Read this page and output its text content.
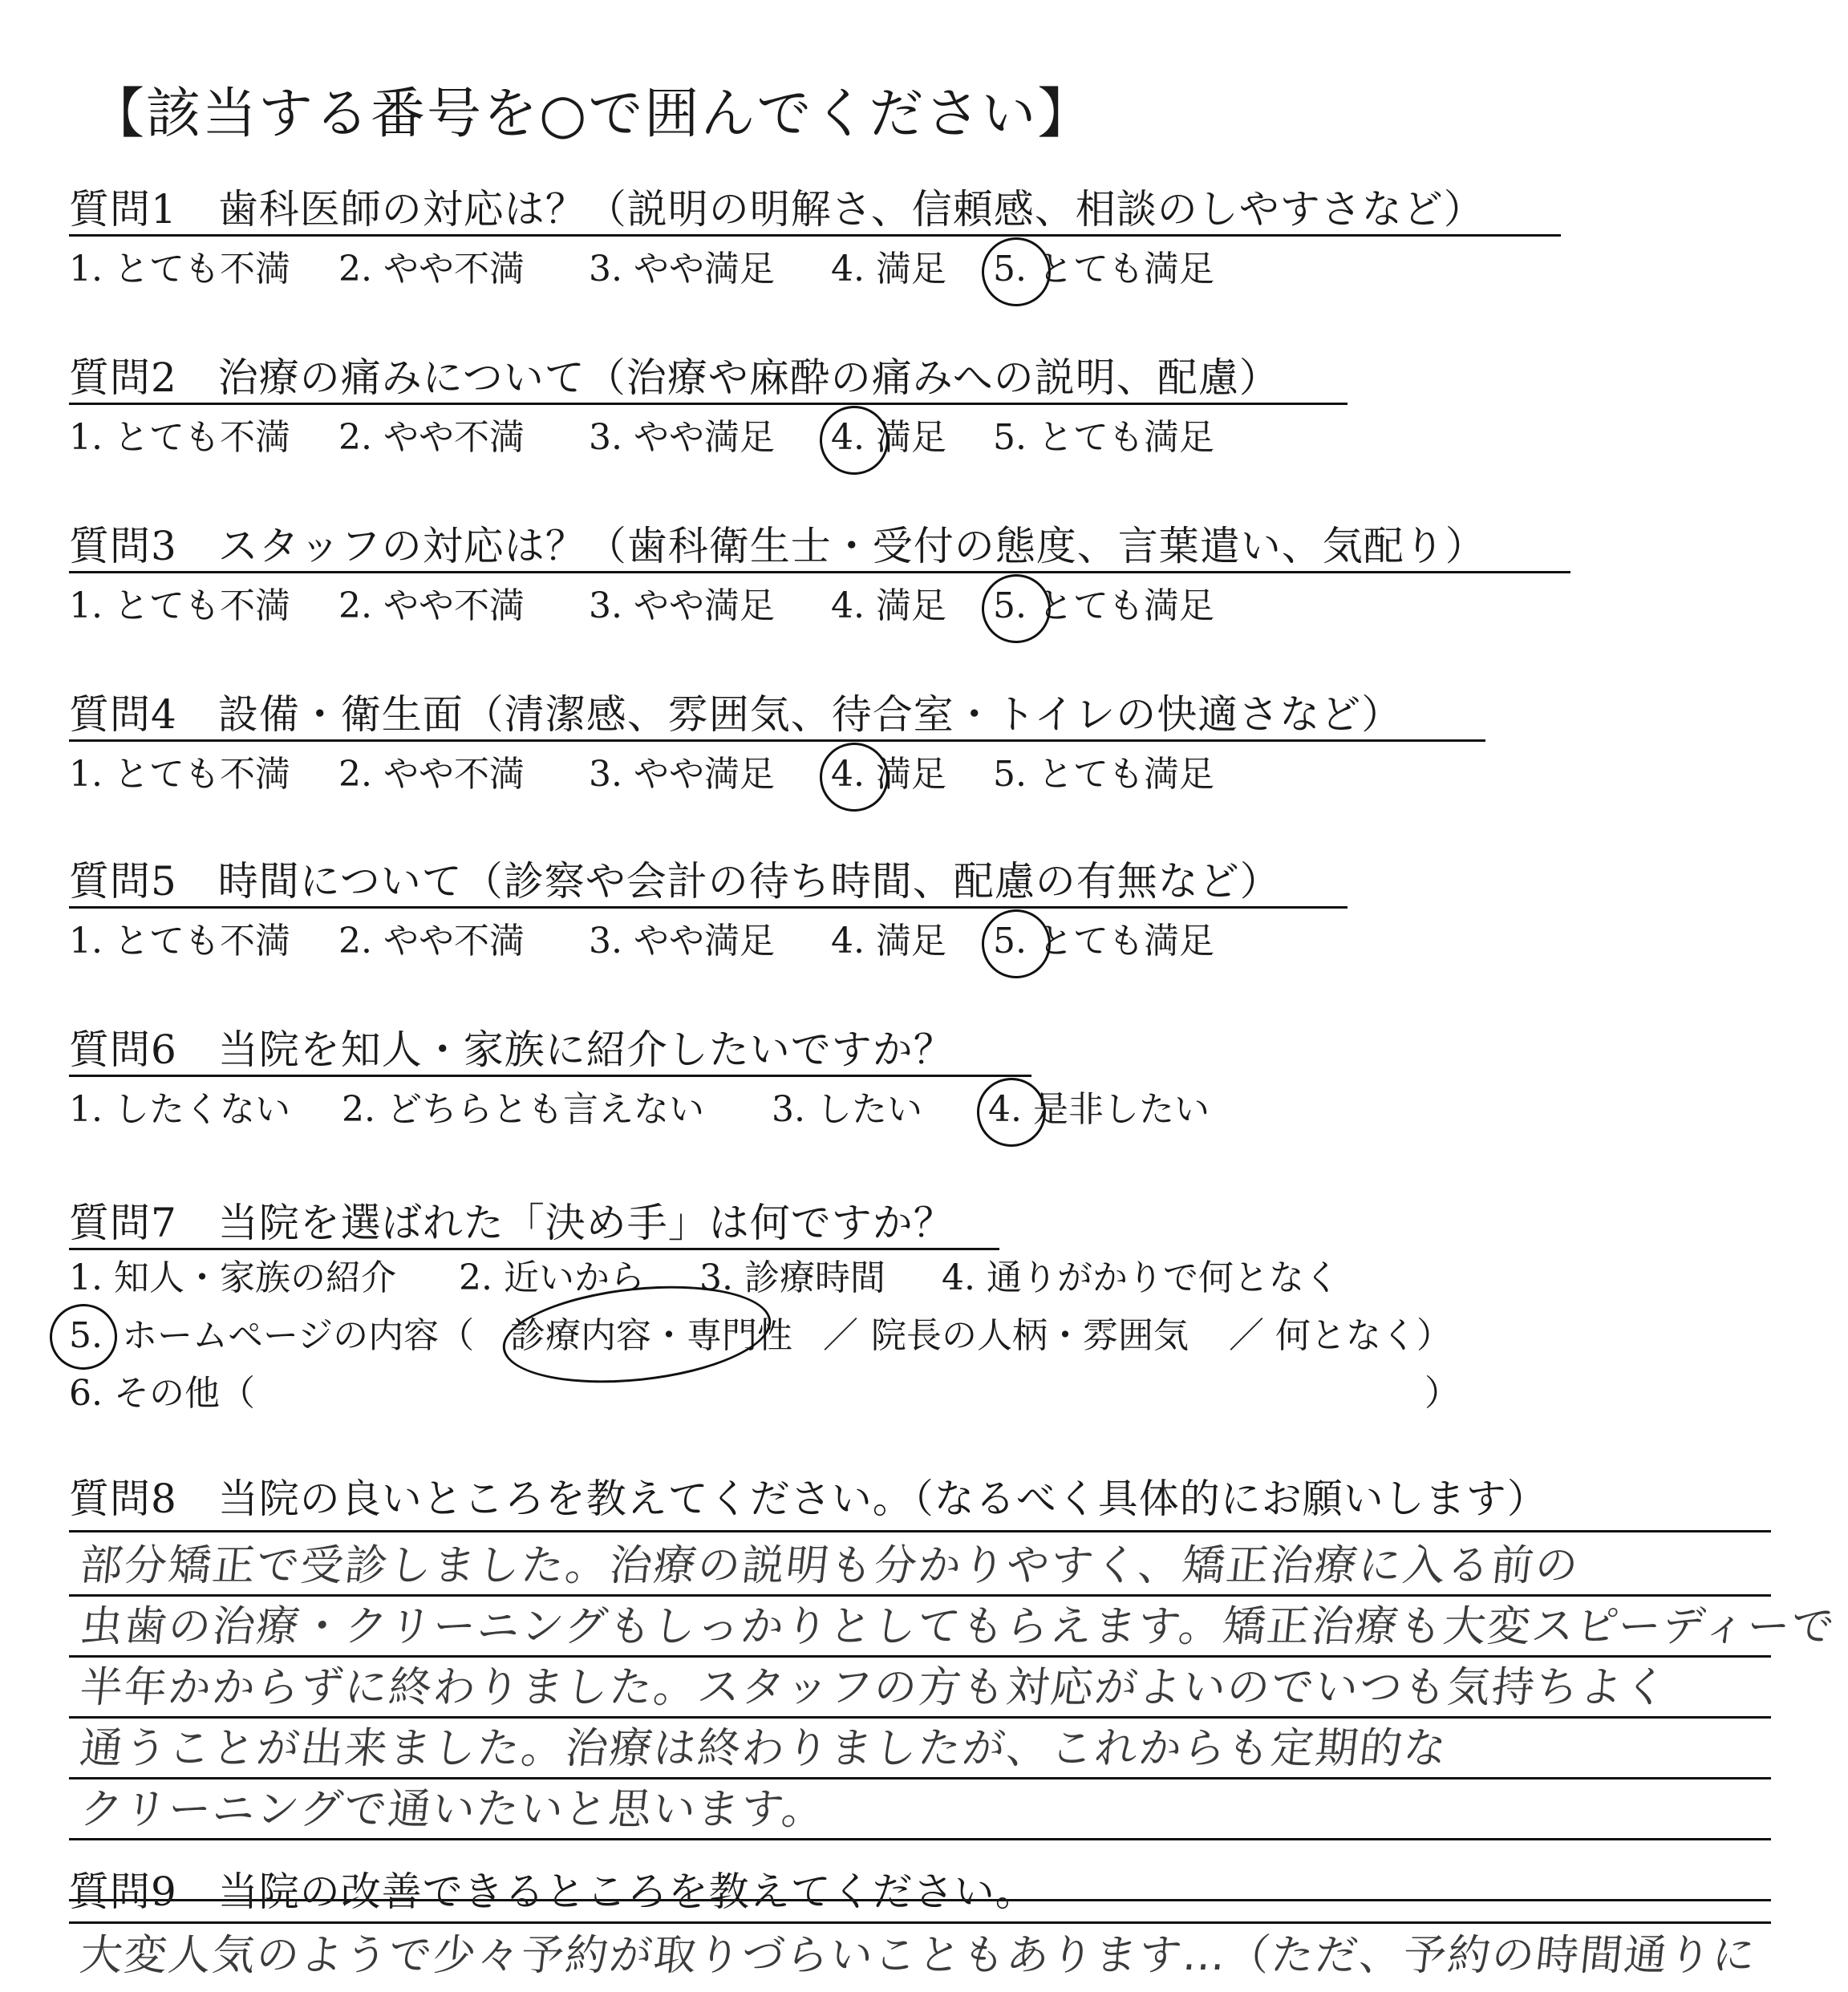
【該当する番号を○で囲んでください】
質問1　歯科医師の対応は？（説明の明解さ、信頼感、相談のしやすさなど）
1. とても不満 2. やや不満 3. やや満足 4. 満足 5. とても満足
質問2　治療の痛みについて（治療や麻酔の痛みへの説明、配慮）
1. とても不満 2. やや不満 3. やや満足 4. 満足 5. とても満足
質問3　スタッフの対応は？（歯科衛生士・受付の態度、言葉遣い、気配り）
1. とても不満 2. やや不満 3. やや満足 4. 満足 5. とても満足
質問4　設備・衛生面（清潔感、雰囲気、待合室・トイレの快適さなど）
1. とても不満 2. やや不満 3. やや満足 4. 満足 5. とても満足
質問5　時間について（診察や会計の待ち時間、配慮の有無など）
1. とても不満 2. やや不満 3. やや満足 4. 満足 5. とても満足
質問6　当院を知人・家族に紹介したいですか？
1. したくない 2. どちらとも言えない 3. したい 4. 是非したい
質問7　当院を選ばれた「決め手」は何ですか？
1. 知人・家族の紹介 2. 近いから 3. 診療時間 4. 通りがかりで何となく
5. ホームページの内容（ 診療内容・専門性 ／ 院長の人柄・雰囲気 ／ 何となく）
6. その他（	）
質問8　当院の良いところを教えてください。（なるべく具体的にお願いします）
部分矯正で受診しました。治療の説明も分かりやすく、矯正治療に入る前の
虫歯の治療・クリーニングもしっかりとしてもらえます。矯正治療も大変スピーディーで
半年かからずに終わりました。スタッフの方も対応がよいのでいつも気持ちよく
通うことが出来ました。治療は終わりましたが、これからも定期的な
クリーニングで通いたいと思います。
質問9　当院の改善できるところを教えてください。
大変人気のようで少々予約が取りづらいこともあります…（ただ、予約の時間通りに
